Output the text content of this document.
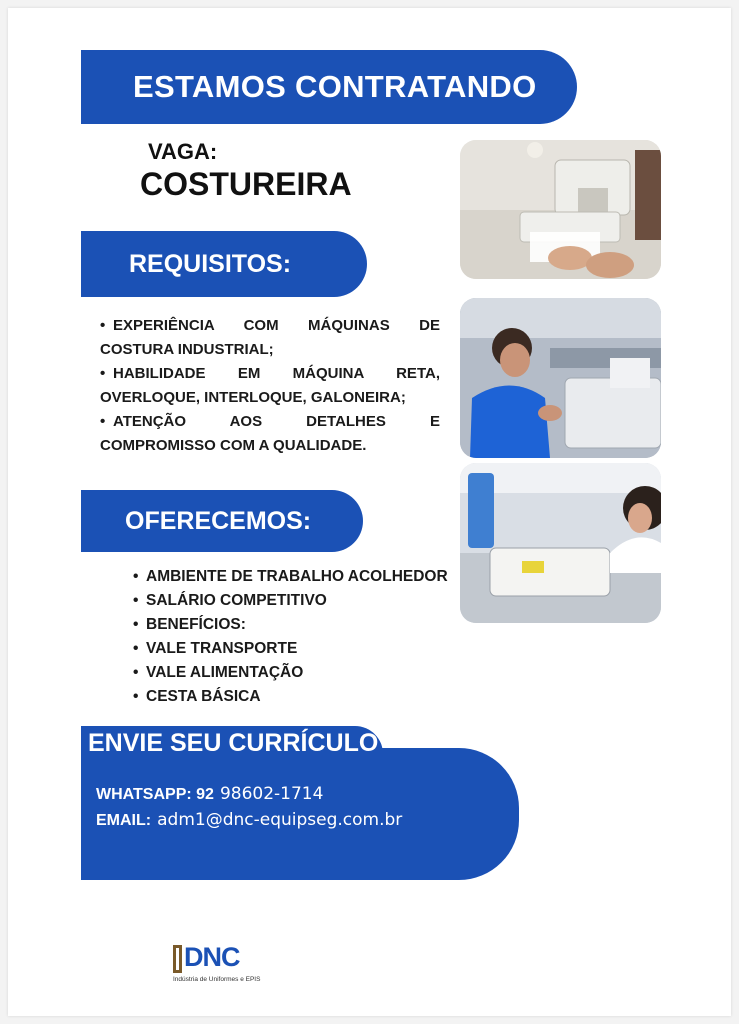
ESTAMOS CONTRATANDO
VAGA:
COSTUREIRA
REQUISITOS:
• EXPERIÊNCIA COM MÁQUINAS DE COSTURA INDUSTRIAL;
• HABILIDADE EM MÁQUINA RETA, OVERLOQUE, INTERLOQUE, GALONEIRA;
• ATENÇÃO AOS DETALHES E COMPROMISSO COM A QUALIDADE.
OFERECEMOS:
• AMBIENTE DE TRABALHO ACOLHEDOR
• SALÁRIO COMPETITIVO
• BENEFÍCIOS:
• VALE TRANSPORTE
• VALE ALIMENTAÇÃO
• CESTA BÁSICA
ENVIE SEU CURRÍCULO
WHATSAPP: 92 98602-1714
EMAIL: adm1@dnc-equipseg.com.br
DNC
Indústria de Uniformes e EPIS
